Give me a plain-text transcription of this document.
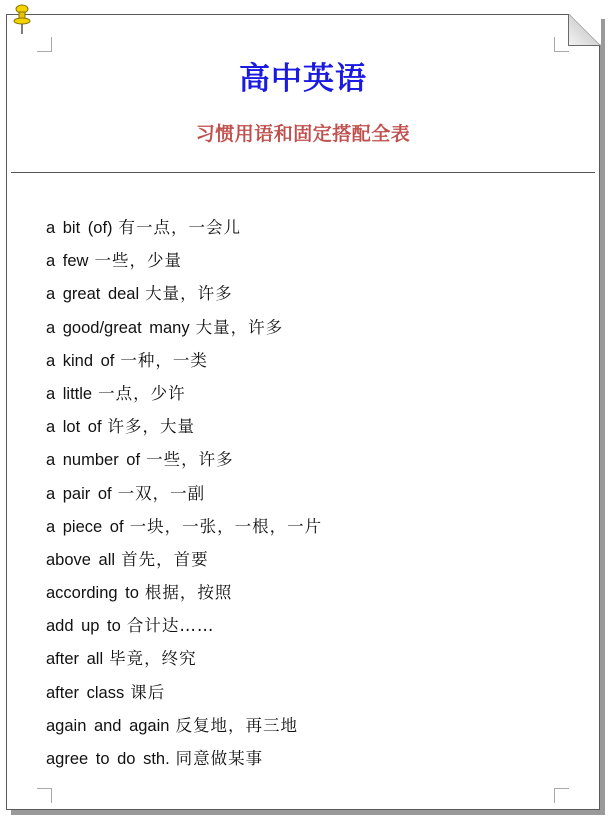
高中英语
习惯用语和固定搭配全表
a bit (of) 有一点，一会儿
a few 一些，少量
a great deal 大量，许多
a good/great many 大量，许多
a kind of 一种，一类
a little 一点，少许
a lot of 许多，大量
a number of 一些，许多
a pair of 一双，一副
a piece of 一块，一张，一根，一片
above all 首先，首要
according to 根据，按照
add up to 合计达……
after all 毕竟，终究
after class 课后
again and again 反复地，再三地
agree to do sth. 同意做某事
